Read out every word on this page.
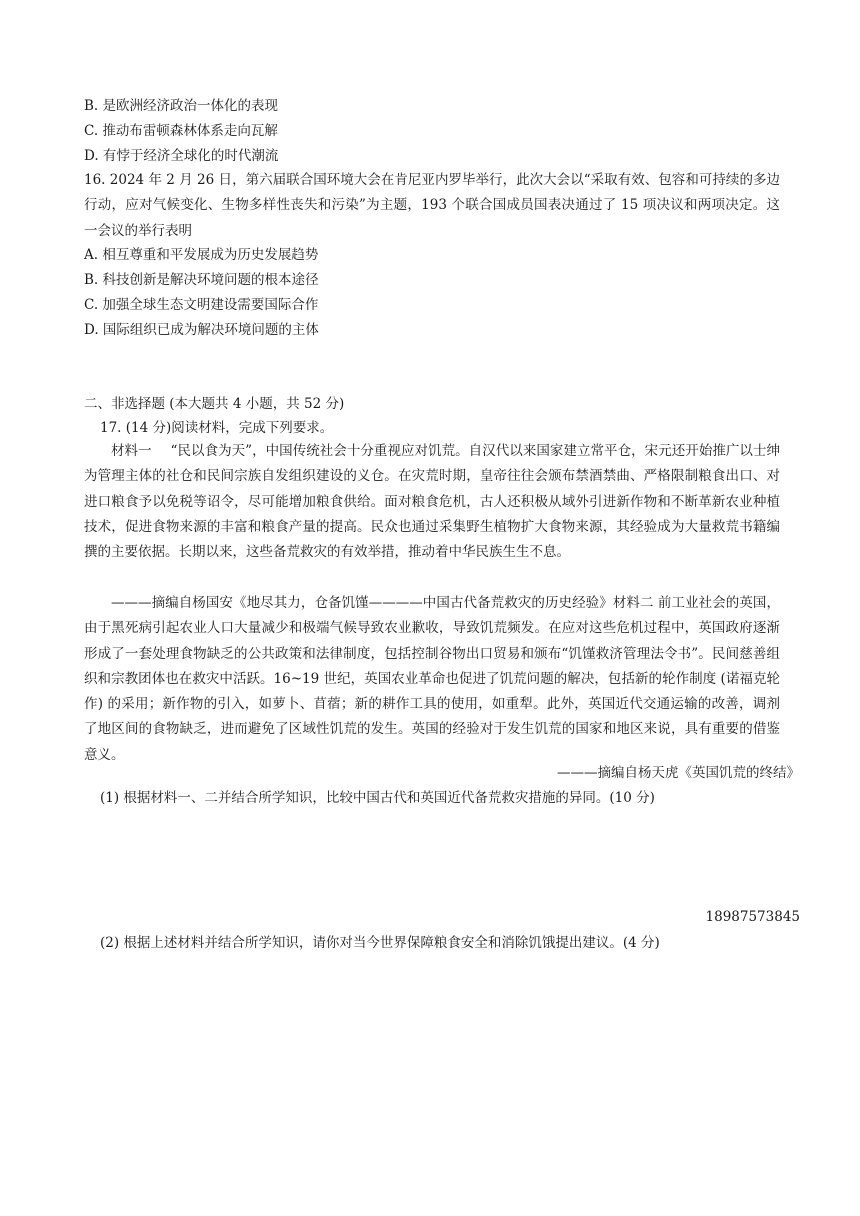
B. 是欧洲经济政治一体化的表现
C. 推动布雷顿森林体系走向瓦解
D. 有悖于经济全球化的时代潮流
16. 2024 年 2 月 26 日，第六届联合国环境大会在肯尼亚内罗毕举行，此次大会以“采取有效、包容和可持续的多边行动，应对气候变化、生物多样性丧失和污染”为主题，193 个联合国成员国表决通过了 15 项决议和两项决定。这一会议的举行表明
A. 相互尊重和平发展成为历史发展趋势
B. 科技创新是解决环境问题的根本途径
C. 加强全球生态文明建设需要国际合作
D. 国际组织已成为解决环境问题的主体
二、非选择题 (本大题共 4 小题，共 52 分)
17. (14 分)阅读材料，完成下列要求。
材料一 “民以食为天”，中国传统社会十分重视应对饥荒。自汉代以来国家建立常平仓，宋元还开始推广以士绅为管理主体的社仓和民间宗族自发组织建设的义仓。在灾荒时期，皇帝往往会颁布禁酒禁曲、严格限制粮食出口、对进口粮食予以免税等诏令，尽可能增加粮食供给。面对粮食危机，古人还积极从域外引进新作物和不断革新农业种植技术，促进食物来源的丰富和粮食产量的提高。民众也通过采集野生植物扩大食物来源，其经验成为大量救荒书籍编撰的主要依据。长期以来，这些备荒救灾的有效举措，推动着中华民族生生不息。
———摘编自杨国安《地尽其力，仓备饥馑————中国古代备荒救灾的历史经验》材料二 前工业社会的英国，由于黑死病引起农业人口大量减少和极端气候导致农业歉收，导致饥荒频发。在应对这些危机过程中，英国政府逐渐形成了一套处理食物缺乏的公共政策和法律制度，包括控制谷物出口贸易和颁布“饥馑救济管理法令书”。民间慈善组织和宗教团体也在救灾中活跃。16~19 世纪，英国农业革命也促进了饥荒问题的解决，包括新的轮作制度 (诺福克轮作) 的采用；新作物的引入，如萝卜、苜蓿；新的耕作工具的使用，如重犁。此外，英国近代交通运输的改善，调剂了地区间的食物缺乏，进而避免了区域性饥荒的发生。英国的经验对于发生饥荒的国家和地区来说，具有重要的借鉴意义。
———摘编自杨天虎《英国饥荒的终结》
(1) 根据材料一、二并结合所学知识，比较中国古代和英国近代备荒救灾措施的异同。(10 分)
18987573845
(2) 根据上述材料并结合所学知识，请你对当今世界保障粮食安全和消除饥饿提出建议。(4 分)
